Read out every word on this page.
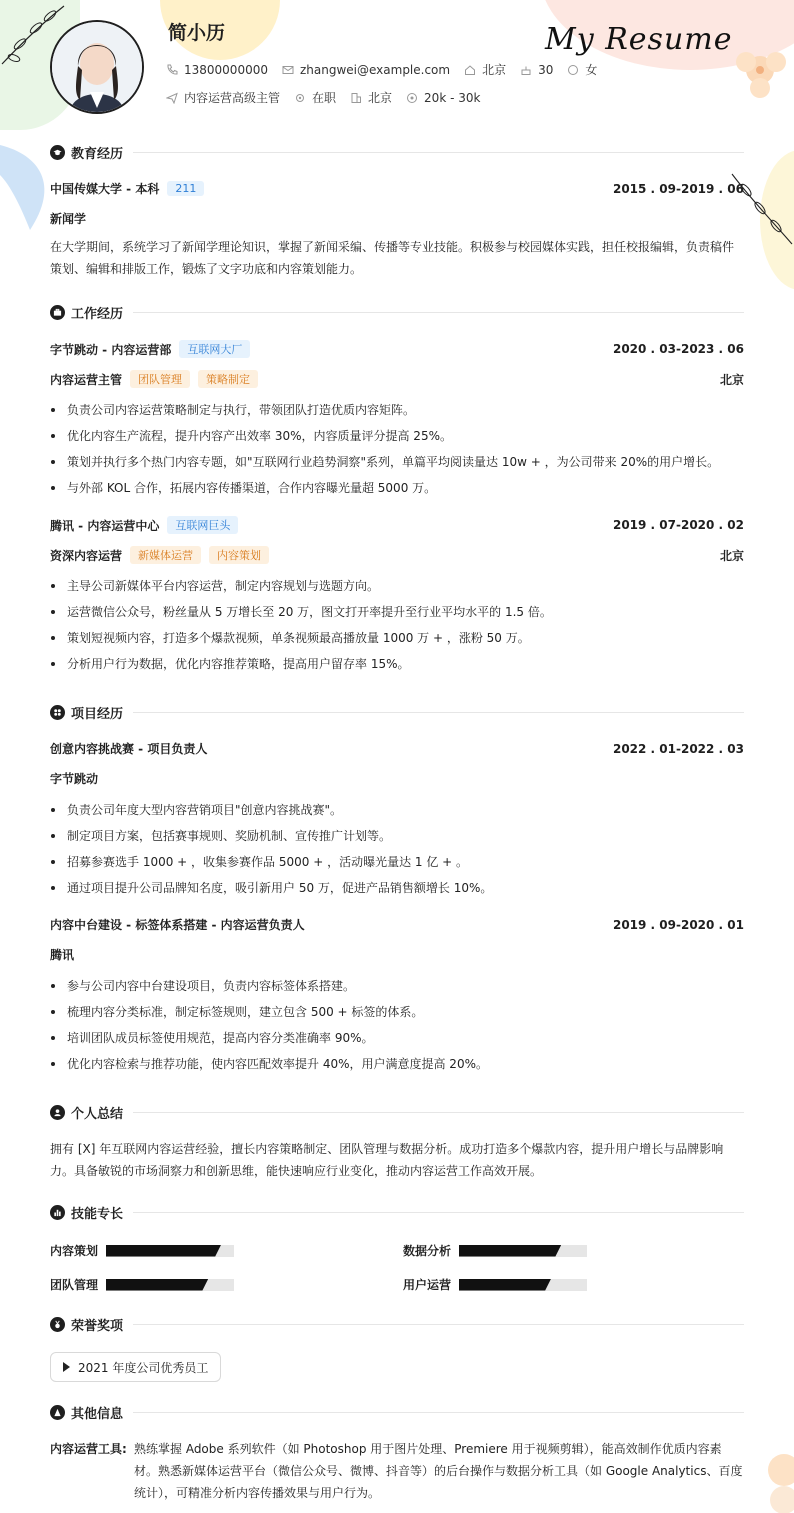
简小历	My Resume
13800000000	zhangwei@example.com	北京	30	女
内容运营高级主管	在职	北京	20k - 30k
教育经历
中国传媒大学 - 本科	211	2015 . 09-2019 . 06
新闻学
在大学期间，系统学习了新闻学理论知识，掌握了新闻采编、传播等专业技能。积极参与校园媒体实践，担任校报编辑，负责稿件策划、编辑和排版工作，锻炼了文字功底和内容策划能力。
工作经历
字节跳动 - 内容运营部	互联网大厂	2020 . 03-2023 . 06
内容运营主管	团队管理	策略制定	北京
负责公司内容运营策略制定与执行，带领团队打造优质内容矩阵。
优化内容生产流程，提升内容产出效率 30%，内容质量评分提高 25%。
策划并执行多个热门内容专题，如"互联网行业趋势洞察"系列，单篇平均阅读量达 10w + ，为公司带来 20%的用户增长。
与外部 KOL 合作，拓展内容传播渠道，合作内容曝光量超 5000 万。
腾讯 - 内容运营中心	互联网巨头	2019 . 07-2020 . 02
资深内容运营	新媒体运营	内容策划	北京
主导公司新媒体平台内容运营，制定内容规划与选题方向。
运营微信公众号，粉丝量从 5 万增长至 20 万，图文打开率提升至行业平均水平的 1.5 倍。
策划短视频内容，打造多个爆款视频，单条视频最高播放量 1000 万 + ，涨粉 50 万。
分析用户行为数据，优化内容推荐策略，提高用户留存率 15%。
项目经历
创意内容挑战赛 - 项目负责人	2022 . 01-2022 . 03
字节跳动
负责公司年度大型内容营销项目"创意内容挑战赛"。
制定项目方案，包括赛事规则、奖励机制、宣传推广计划等。
招募参赛选手 1000 + ，收集参赛作品 5000 + ，活动曝光量达 1 亿 + 。
通过项目提升公司品牌知名度，吸引新用户 50 万，促进产品销售额增长 10%。
内容中台建设 - 标签体系搭建 - 内容运营负责人	2019 . 09-2020 . 01
腾讯
参与公司内容中台建设项目，负责内容标签体系搭建。
梳理内容分类标准，制定标签规则，建立包含 500 + 标签的体系。
培训团队成员标签使用规范，提高内容分类准确率 90%。
优化内容检索与推荐功能，使内容匹配效率提升 40%，用户满意度提高 20%。
个人总结
拥有 [X] 年互联网内容运营经验，擅长内容策略制定、团队管理与数据分析。成功打造多个爆款内容，提升用户增长与品牌影响力。具备敏锐的市场洞察力和创新思维，能快速响应行业变化，推动内容运营工作高效开展。
技能专长
内容策划	数据分析
团队管理	用户运营
荣誉奖项
2021 年度公司优秀员工
其他信息
内容运营工具: 熟练掌握 Adobe 系列软件（如 Photoshop 用于图片处理、Premiere 用于视频剪辑），能高效制作优质内容素材。熟悉新媒体运营平台（微信公众号、微博、抖音等）的后台操作与数据分析工具（如 Google Analytics、百度统计），可精准分析内容传播效果与用户行为。
